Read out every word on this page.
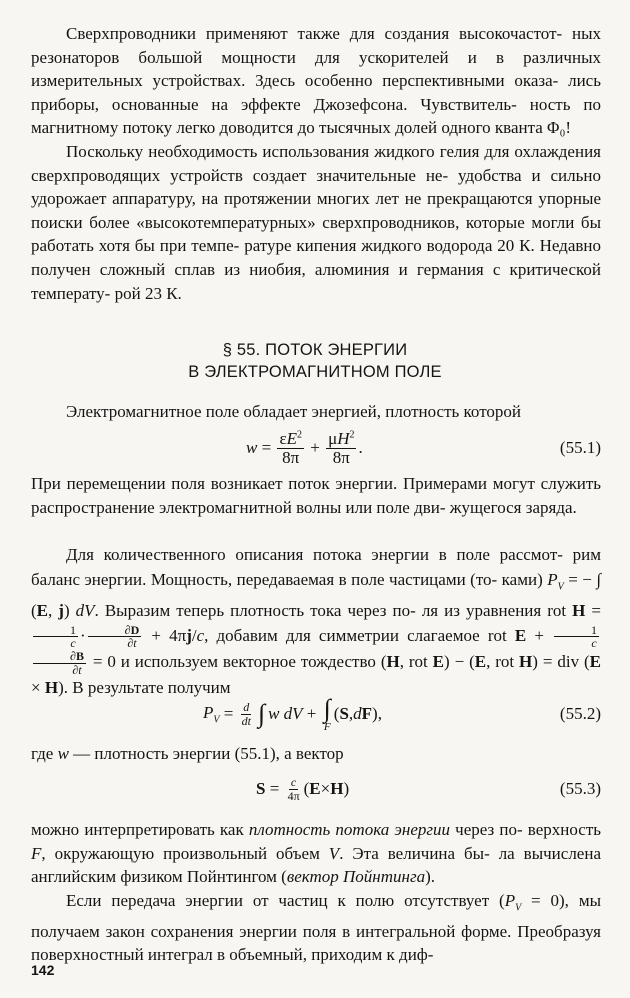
Сверхпроводники применяют также для создания высокочастот- ных резонаторов большой мощности для ускорителей и в различных измерительных устройствах. Здесь особенно перспективными оказа- лись приборы, основанные на эффекте Джозефсона. Чувствитель- ность по магнитному потоку легко доводится до тысячных долей одного кванта Φ₀!

Поскольку необходимость использования жидкого гелия для охлаждения сверхпроводящих устройств создает значительные не- удобства и сильно удорожает аппаратуру, на протяжении многих лет не прекращаются упорные поиски более «высокотемпературных» сверхпроводников, которые могли бы работать хотя бы при темпе- ратуре кипения жидкого водорода 20 К. Недавно получен сложный сплав из ниобия, алюминия и германия с критической температу- рой 23 К.

§ 55. ПОТОК ЭНЕРГИИ
В ЭЛЕКТРОМАГНИТНОМ ПОЛЕ

Электромагнитное поле обладает энергией, плотность которой

$w = \frac{\varepsilon E^2}{8\pi} + \frac{\mu H^2}{8\pi}$ .	(55.1)

При перемещении поля возникает поток энергии. Примерами могут служить распространение электромагнитной волны или поле дви- жущегося заряда.

Для количественного описания потока энергии в поле рассмот- рим баланс энергии. Мощность, передаваемая в поле частицами (то- ками) $P_V$ = − ∫ (E, j) dV. Выразим теперь плотность тока через по- ля из уравнения rot H =
$\frac{1}{c} \cdot \frac{\partial D}{\partial t} + 4\pi j/c$, добавим для симметрии слагаемое rot $E + \frac{1}{c}$
$\frac{\partial B}{\partial t} = 0$ и используем векторное тождество (H, rot E) − (E, rot H) = div (E × H). В результате получим

$P_V = \frac{d}{dt}$ ∫ w dV + ∫
F
( S , d F ),	(55.2)

где w — плотность энергии (55.1), а вектор

$S = \frac{c}{4\pi}$ ( E × H )	(55.3)

можно интерпретировать как плотность потока энергии через по- верхность F, окружающую произвольный объем V. Эта величина бы- ла вычислена английским физиком Пойнтингом (вектор Пойнтинга).

Если передача энергии от частиц к полю отсутствует $(P_V = 0)$, мы получаем закон сохранения энергии поля в интегральной форме. Преобразуя поверхностный интеграл в объемный, приходим к диф-

142
